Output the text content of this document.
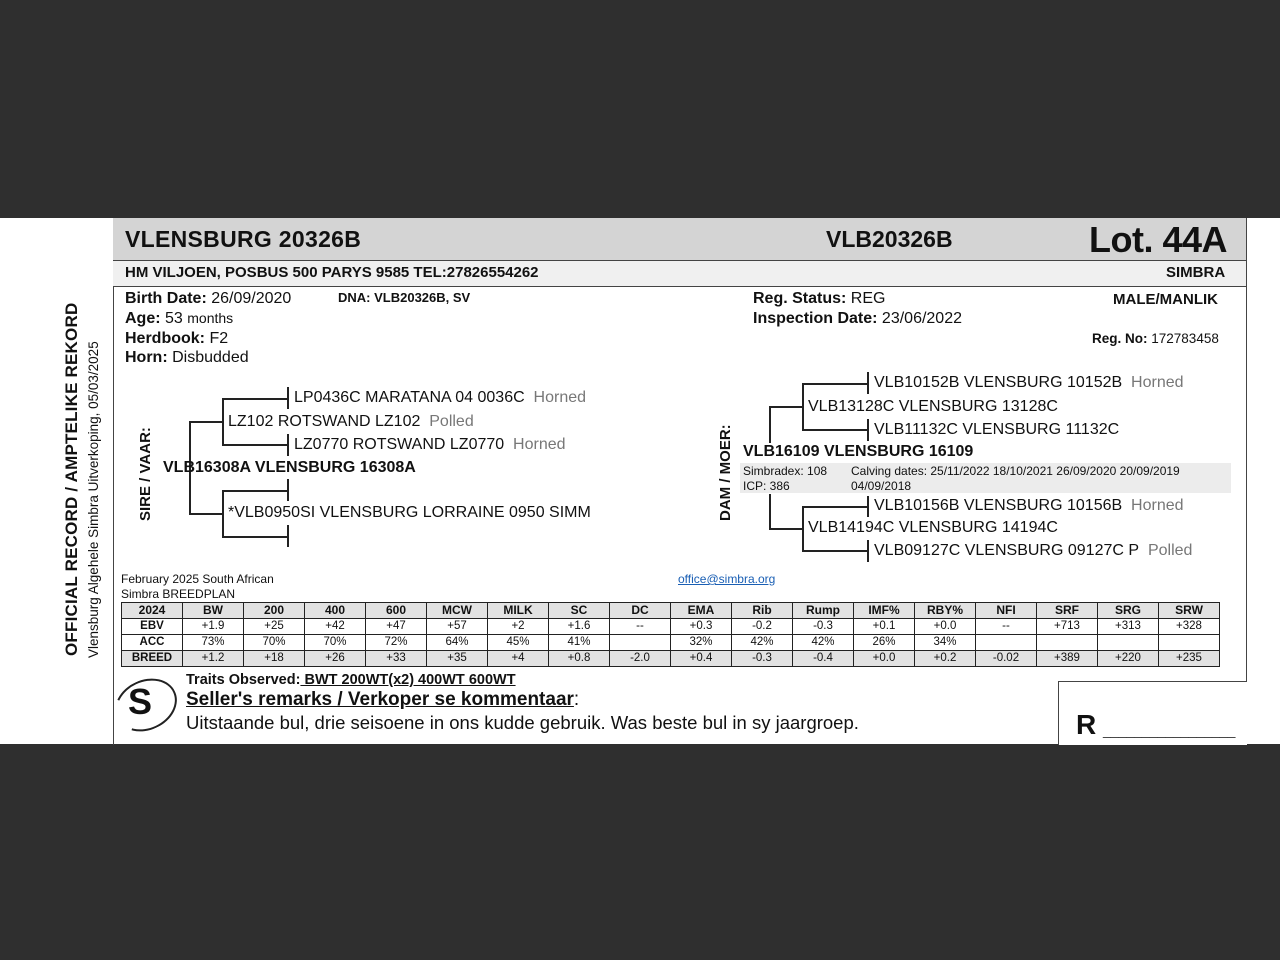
OFFICIAL RECORD / AMPTELIKE REKORD Vlensburg Algehele Simbra Uitverkoping, 05/03/2025
VLENSBURG 20326B	VLB20326B	Lot. 44A
HM VILJOEN, POSBUS 500 PARYS 9585 TEL:27826554262	SIMBRA
Birth Date: 26/09/2020	DNA: VLB20326B, SV
Age: 53 months
Herdbook: F2
Horn: Disbudded
Reg. Status: REG
Inspection Date: 23/06/2022
MALE/MANLIK
Reg. No: 172783458
SIRE / VAAR:
LP0436C MARATANA 04 0036C Horned
LZ102 ROTSWAND LZ102 Polled
LZ0770 ROTSWAND LZ0770 Horned
VLB16308A VLENSBURG 16308A
*VLB0950SI VLENSBURG LORRAINE 0950 SIMM	DAM / MOER:
VLB10152B VLENSBURG 10152B Horned
VLB13128C VLENSBURG 13128C
VLB11132C VLENSBURG 11132C
VLB16109 VLENSBURG 16109
Simbradex: 108
ICP: 386
Calving dates: 25/11/2022 18/10/2021 26/09/2020 20/09/2019
04/09/2018
VLB10156B VLENSBURG 10156B Horned
VLB14194C VLENSBURG 14194C
VLB09127C VLENSBURG 09127C P Polled
February 2025 South African
Simbra BREEDPLAN
office@simbra.org
2024	BW	200	400	600	MCW	MILK	SC	DC	EMA	Rib	Rump	IMF%	RBY%	NFI	SRF	SRG	SRW
EBV	+1.9	+25	+42	+47	+57	+2	+1.6	--	+0.3	-0.2	-0.3	+0.1	+0.0	--	+713	+313	+328
ACC	73%	70%	70%	72%	64%	45%	41%		32%	42%	42%	26%	34%				
BREED	+1.2	+18	+26	+33	+35	+4	+0.8	-2.0	+0.4	-0.3	-0.4	+0.0	+0.2	-0.02	+389	+220	+235
S
Traits Observed: BWT 200WT(x2) 400WT 600WT
Seller's remarks / Verkoper se kommentaar:
Uitstaande bul, drie seisoene in ons kudde gebruik. Was beste bul in sy jaargroep.	R _________________
